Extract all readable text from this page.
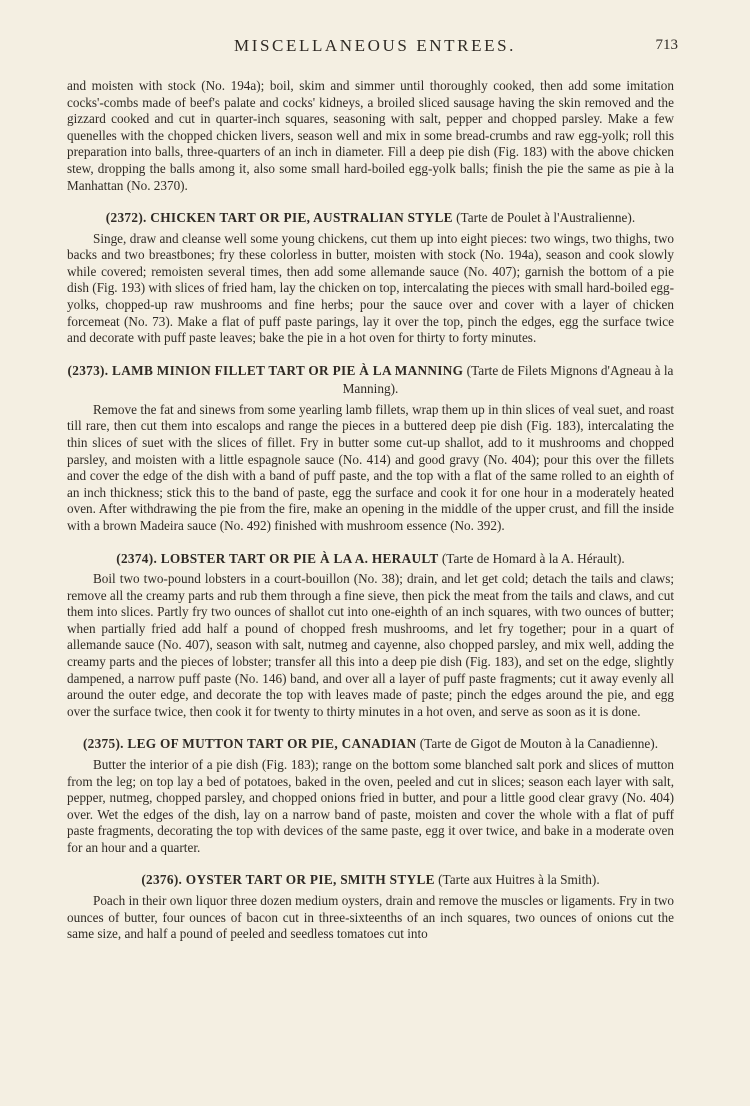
MISCELLANEOUS ENTREES.	713

and moisten with stock (No. 194a); boil, skim and simmer until thoroughly cooked, then add some imitation cocks'-combs made of beef's palate and cocks' kidneys, a broiled sliced sausage having the skin removed and the gizzard cooked and cut in quarter-inch squares, seasoning with salt, pepper and chopped parsley. Make a few quenelles with the chopped chicken livers, season well and mix in some bread-crumbs and raw egg-yolk; roll this preparation into balls, three-quarters of an inch in diameter. Fill a deep pie dish (Fig. 183) with the above chicken stew, dropping the balls among it, also some small hard-boiled egg-yolk balls; finish the pie the same as pie à la Manhattan (No. 2370).

(2372). CHICKEN TART OR PIE, AUSTRALIAN STYLE (Tarte de Poulet à l'Australienne).

Singe, draw and cleanse well some young chickens, cut them up into eight pieces: two wings, two thighs, two backs and two breastbones; fry these colorless in butter, moisten with stock (No. 194a), season and cook slowly while covered; remoisten several times, then add some allemande sauce (No. 407); garnish the bottom of a pie dish (Fig. 193) with slices of fried ham, lay the chicken on top, intercalating the pieces with small hard-boiled egg-yolks, chopped-up raw mushrooms and fine herbs; pour the sauce over and cover with a layer of chicken forcemeat (No. 73). Make a flat of puff paste parings, lay it over the top, pinch the edges, egg the surface twice and decorate with puff paste leaves; bake the pie in a hot oven for thirty to forty minutes.

(2373). LAMB MINION FILLET TART OR PIE À LA MANNING (Tarte de Filets Mignons d'Agneau à la Manning).

Remove the fat and sinews from some yearling lamb fillets, wrap them up in thin slices of veal suet, and roast till rare, then cut them into escalops and range the pieces in a buttered deep pie dish (Fig. 183), intercalating the thin slices of suet with the slices of fillet. Fry in butter some cut-up shallot, add to it mushrooms and chopped parsley, and moisten with a little espagnole sauce (No. 414) and good gravy (No. 404); pour this over the fillets and cover the edge of the dish with a band of puff paste, and the top with a flat of the same rolled to an eighth of an inch thickness; stick this to the band of paste, egg the surface and cook it for one hour in a moderately heated oven. After withdrawing the pie from the fire, make an opening in the middle of the upper crust, and fill the inside with a brown Madeira sauce (No. 492) finished with mushroom essence (No. 392).

(2374). LOBSTER TART OR PIE À LA A. HERAULT (Tarte de Homard à la A. Hérault).

Boil two two-pound lobsters in a court-bouillon (No. 38); drain, and let get cold; detach the tails and claws; remove all the creamy parts and rub them through a fine sieve, then pick the meat from the tails and claws, and cut them into slices. Partly fry two ounces of shallot cut into one-eighth of an inch squares, with two ounces of butter; when partially fried add half a pound of chopped fresh mushrooms, and let fry together; pour in a quart of allemande sauce (No. 407), season with salt, nutmeg and cayenne, also chopped parsley, and mix well, adding the creamy parts and the pieces of lobster; transfer all this into a deep pie dish (Fig. 183), and set on the edge, slightly dampened, a narrow puff paste (No. 146) band, and over all a layer of puff paste fragments; cut it away evenly all around the outer edge, and decorate the top with leaves made of paste; pinch the edges around the pie, and egg over the surface twice, then cook it for twenty to thirty minutes in a hot oven, and serve as soon as it is done.

(2375). LEG OF MUTTON TART OR PIE, CANADIAN (Tarte de Gigot de Mouton à la Canadienne).

Butter the interior of a pie dish (Fig. 183); range on the bottom some blanched salt pork and slices of mutton from the leg; on top lay a bed of potatoes, baked in the oven, peeled and cut in slices; season each layer with salt, pepper, nutmeg, chopped parsley, and chopped onions fried in butter, and pour a little good clear gravy (No. 404) over. Wet the edges of the dish, lay on a narrow band of paste, moisten and cover the whole with a flat of puff paste fragments, decorating the top with devices of the same paste, egg it over twice, and bake in a moderate oven for an hour and a quarter.

(2376). OYSTER TART OR PIE, SMITH STYLE (Tarte aux Huitres à la Smith).

Poach in their own liquor three dozen medium oysters, drain and remove the muscles or ligaments. Fry in two ounces of butter, four ounces of bacon cut in three-sixteenths of an inch squares, two ounces of onions cut the same size, and half a pound of peeled and seedless tomatoes cut into
